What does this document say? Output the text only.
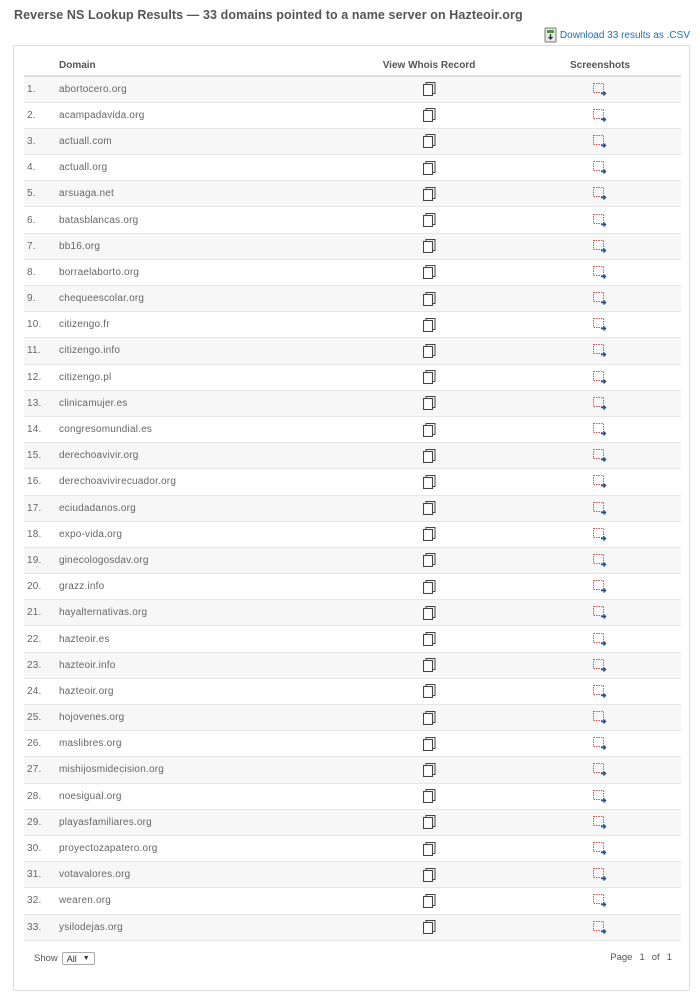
Reverse NS Lookup Results — 33 domains pointed to a name server on Hazteoir.org
Download 33 results as .CSV
	Domain	View Whois Record	Screenshots
1.	abortocero.org		
2.	acampadavida.org		
3.	actuall.com		
4.	actuall.org		
5.	arsuaga.net		
6.	batasblancas.org		
7.	bb16.org		
8.	borraelaborto.org		
9.	chequeescolar.org		
10.	citizengo.fr		
11.	citizengo.info		
12.	citizengo.pl		
13.	clinicamujer.es		
14.	congresomundial.es		
15.	derechoavivir.org		
16.	derechoavivirecuador.org		
17.	eciudadanos.org		
18.	expo-vida.org		
19.	ginecologosdav.org		
20.	grazz.info		
21.	hayalternativas.org		
22.	hazteoir.es		
23.	hazteoir.info		
24.	hazteoir.org		
25.	hojovenes.org		
26.	maslibres.org		
27.	mishijosmidecision.org		
28.	noesigual.org		
29.	playasfamiliares.org		
30.	proyectozapatero.org		
31.	votavalores.org		
32.	wearen.org		
33.	ysilodejas.org		
Show All ▼	Page 1 of 1
